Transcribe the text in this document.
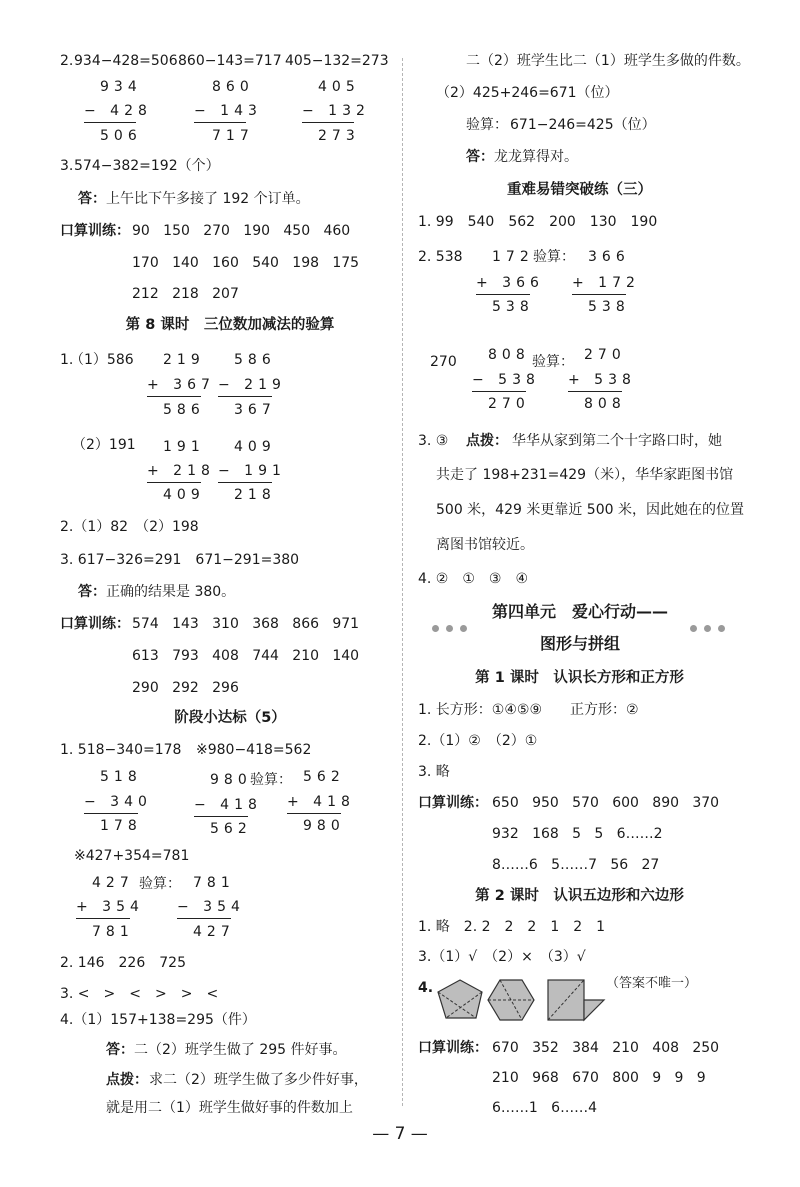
2. 934−428=506 860−143=717 405−132=273
934
− 428
506
860
− 143
717
405
− 132
273
3. 574−382=192（个）
答： 上午比下午多接了 192 个订单。
口算训练： 90   150   270   190   450   460
170   140   160   540   198   175
212   218   207
第 8 课时　三位数加减法的验算
1.
（1）586 219
+ 367
586
586
− 219
367
（2）191 191
+ 218
409
409
− 191
218
2.（1）82　（2）198
3. 617−326=291　671−291=380
答： 正确的结果是 380。
口算训练： 574   143   310   368   866   971
613   793   408   744   210   140
290   292   296
阶段小达标（5）
1. 518−340=178 ※980−418=562
518
− 340
178
980
− 418
562
验算： 562
+ 418
980
※427+354=781
427
+ 354
781
验算： 781
− 354
427
2. 146　226　725
3. <　>　<　>　>　<
4.（1）157+138=295（件）
答： 二（2）班学生做了 295 件好事。
点拨： 求二（2）班学生做了多少件好事，
就是用二（1）班学生做好事的件数加上
二（2）班学生比二（1）班学生多做的件数。
（2）425+246=671（位）
验算： 671−246=425（位）
答： 龙龙算得对。
重难易错突破练（三）
1. 99　540　562　200　130　190
2. 538 172
+ 366
538
验算： 366
+ 172
538
270 808
− 538
270
验算： 270
+ 538
808
3. ③　 点拨： 华华从家到第二个十字路口时，她
共走了 198+231=429（米），华华家距图书馆
500 米，429 米更靠近 500 米，因此她在的位置
离图书馆较近。
4. ②　①　③　④
第四单元　爱心行动——
图形与拼组
第 1 课时　认识长方形和正方形
1. 长方形：①④⑤⑨　　正方形：②
2.（1）②　（2）①
3. 略
口算训练： 650   950   570   600   890   370
932   168   5   5   6……2
8……6   5……7   56   27
第 2 课时　认识五边形和六边形
1. 略　2. 2　2　2　1　2　1
3.（1）√　（2）×　（3）√
4.	（答案不唯一）
口算训练： 670   352   384   210   408   250
210   968   670   800   9   9   9
6……1   6……4
— 7 —
